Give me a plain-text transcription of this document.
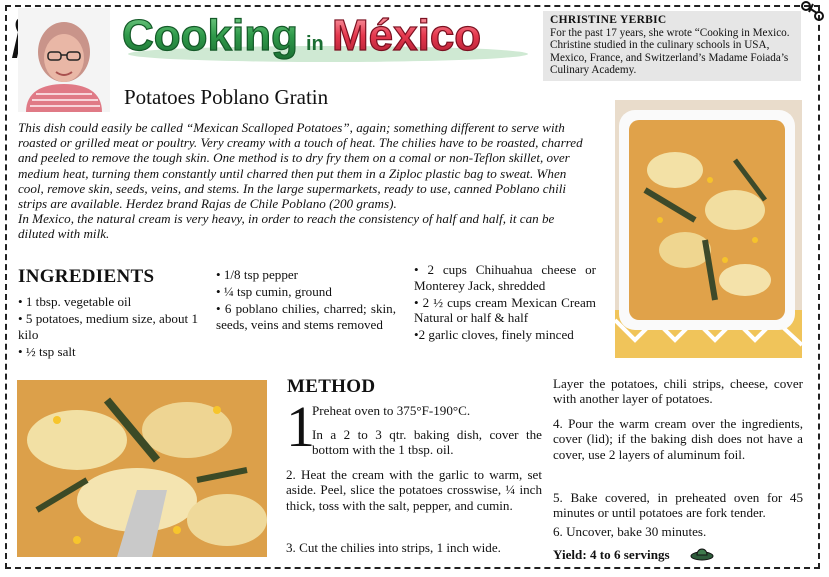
Cooking in México	CHRISTINE YERBIC
For the past 17 years, she wrote “Cooking in Mexico. Christine studied in the culinary schools in USA, Mexico, France, and Switzerland’s Madame Foiada’s Culinary Academy.
Potatoes Poblano Gratin

This dish could easily be called “Mexican Scalloped Potatoes”, again; something different to serve with roasted or grilled meat or poultry. Very creamy with a touch of heat. The chilies have to be roasted, charred and peeled to remove the tough skin. One method is to dry fry them on a comal or non-Teflon skillet, over medium heat, turning them constantly until charred then put them in a Ziploc plastic bag to sweat. When cool, remove skin, seeds, veins, and stems. In the large supermarkets, ready to use, canned Poblano chili strips are available. Herdez brand Rajas de Chile Poblano (200 grams).

In Mexico, the natural cream is very heavy, in order to reach the consistency of half and half, it can be diluted with milk.

INGREDIENTS
• 1 tbsp. vegetable oil
• 5 potatoes, medium size, about 1 kilo
• ½ tsp salt
• 1/8 tsp pepper
• ¼ tsp cumin, ground
• 6 poblano chilies, charred; skin, seeds, veins and stems removed
• 2 cups Chihuahua cheese or Monterey Jack, shredded
• 2 ½ cups cream Mexican Cream Natural or half & half
•2 garlic cloves, finely minced
METHOD
1
Preheat oven to 375°F-190°C.
In a 2 to 3 qtr. baking dish, cover the bottom with the 1 tbsp. oil.
2. Heat the cream with the garlic to warm, set aside. Peel, slice the potatoes crosswise, ¼ inch thick, toss with the salt, pepper, and cumin.
3. Cut the chilies into strips, 1 inch wide.
Layer the potatoes, chili strips, cheese, cover with another layer of potatoes.
4. Pour the warm cream over the ingredients, cover (lid); if the baking dish does not have a cover, use 2 layers of aluminum foil.
5. Bake covered, in preheated oven for 45 minutes or until potatoes are fork tender.
6. Uncover, bake 30 minutes.
Yield: 4 to 6 servings
